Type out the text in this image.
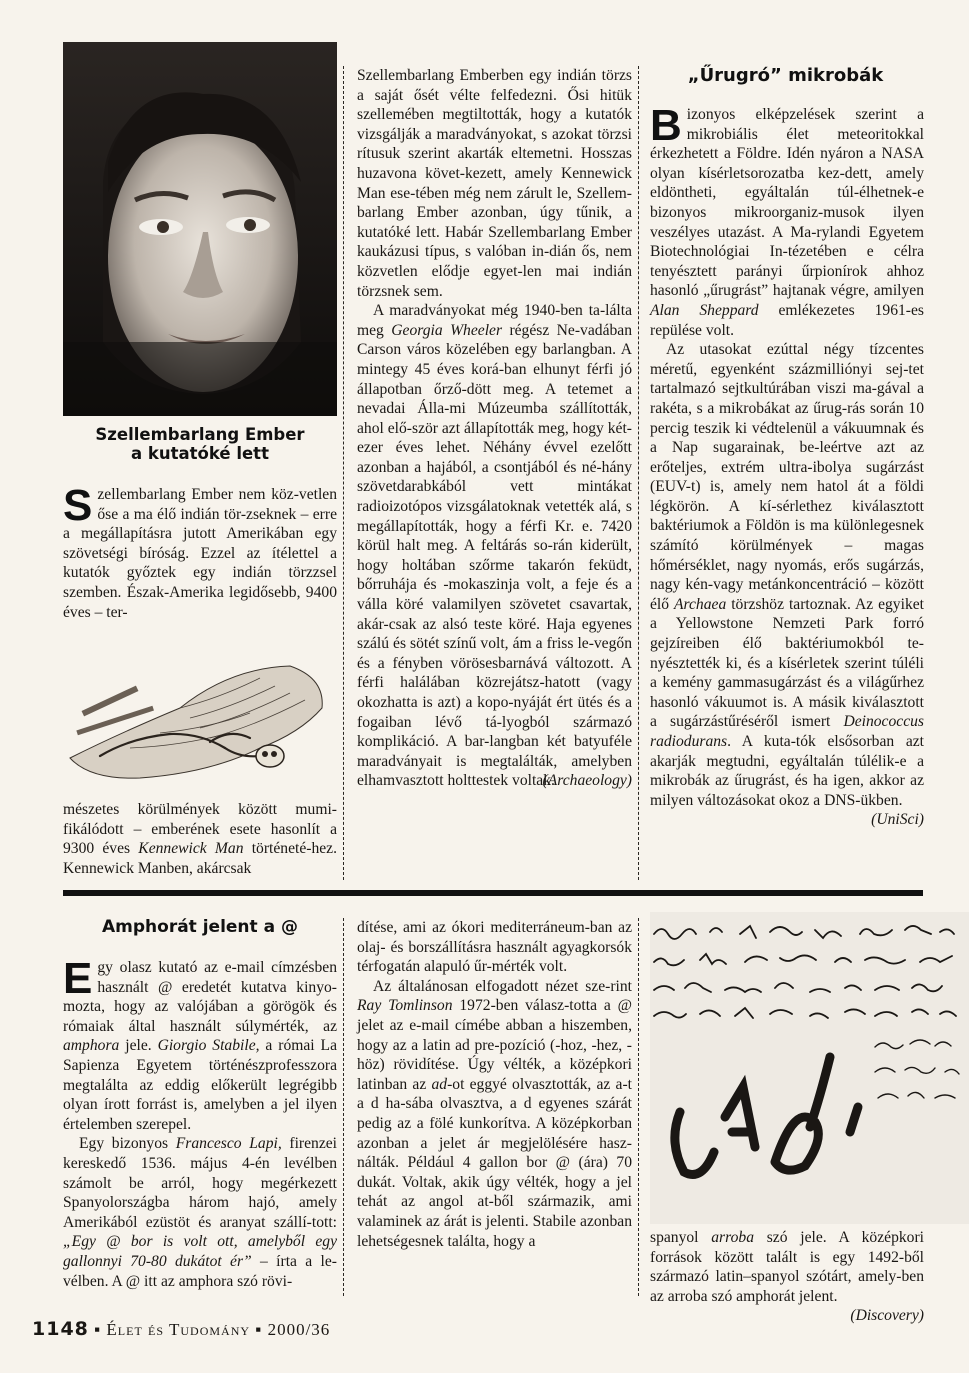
Szellembarlang Ember
a kutatóké lett

Szellembarlang Ember nem köz-vetlen őse a ma élő indián tör-zseknek – erre a megállapításra jutott Amerikában egy szövetségi bíróság. Ezzel az ítélettel a kutatók győztek egy indián törzzsel szemben. Észak-Amerika legidősebb, 9400 éves – ter-

mészetes körülmények között mumi-fikálódott – emberének esete hasonlít a 9300 éves Kennewick Man történeté-hez. Kennewick Manben, akárcsak

Szellembarlang Emberben egy indián törzs a saját ősét vélte felfedezni. Ősi hitük szellemében megtiltották, hogy a kutatók vizsgálják a maradványokat, s azokat törzsi rítusuk szerint akarták eltemetni. Hosszas huzavona követ-kezett, amely Kennewick Man ese-tében még nem zárult le, Szellem-barlang Ember azonban, úgy tűnik, a kutatóké lett. Habár Szellembarlang Ember kaukázusi típus, s valóban in-dián ős, nem közvetlen elődje egyet-len mai indián törzsnek sem.

A maradványokat még 1940-ben ta-lálta meg Georgia Wheeler régész Ne-vadában Carson város közelében egy barlangban. A mintegy 45 éves korá-ban elhunyt férfi jó állapotban őrző-dött meg. A tetemet a nevadai Álla-mi Múzeumba szállították, ahol elő-ször azt állapították meg, hogy két-ezer éves lehet. Néhány évvel ezelőtt azonban a hajából, a csontjából és né-hány szövetdarabkából vett mintákat radioizotópos vizsgálatoknak vetették alá, s megállapították, hogy a férfi Kr. e. 7420 körül halt meg. A feltárás so-rán kiderült, hogy holtában szőrme takarón feküdt, bőrruhája és -mokaszinja volt, a feje és a válla köré valamilyen szövetet csavartak, akár-csak az alsó teste köré. Haja egyenes szálú és sötét színű volt, ám a friss le-vegőn és a fényben vörösesbarnává változott. A férfi halálában közrejátsz-hatott (vagy okozhatta is azt) a kopo-nyáját ért ütés és a fogaiban lévő tá-lyogból származó komplikáció. A bar-langban két batyuféle maradványait is megtalálták, amelyben elhamvasztott holttestek voltak.

(Archaeology)
„Űrugró” mikrobák

Bizonyos elképzelések szerint a mikrobiális élet meteoritokkal érkezhetett a Földre. Idén nyáron a NASA olyan kísérletsorozatba kez-dett, amely eldöntheti, egyáltalán túl-élhetnek-e bizonyos mikroorganiz-musok ilyen veszélyes utazást. A Ma-rylandi Egyetem Biotechnológiai In-tézetében e célra tenyésztett parányi űrpionírok ahhoz hasonló „űrugrást” hajtanak végre, amilyen Alan Sheppard emlékezetes 1961-es repülése volt.

Az utasokat ezúttal négy tízcentes méretű, egyenként százmilliónyi sej-tet tartalmazó sejtkultúrában viszi ma-gával a rakéta, s a mikrobákat az űrug-rás során 10 percig teszik ki védtelenül a vákuumnak és a Nap sugarainak, be-leértve azt az erőteljes, extrém ultra-ibolya sugárzást (EUV-t) is, amely nem hatol át a földi légkörön. A kí-sérlethez kiválasztott baktériumok a Földön is ma különlegesnek számító körülmények – magas hőmérséklet, nagy nyomás, erős sugárzás, nagy kén-vagy metánkoncentráció – között élő Archaea törzshöz tartoznak. Az egyiket a Yellowstone Nemzeti Park forró gejzíreiben élő baktériumokból te-nyésztették ki, és a kísérletek szerint túléli a kemény gammasugárzást és a világűrhez hasonló vákuumot is. A másik kiválasztott a sugárzástűréséről ismert Deinococcus radiodurans. A kuta-tók elsősorban azt akarják megtudni, egyáltalán túlélik-e a mikrobák az űrugrást, és ha igen, akkor az milyen változásokat okoz a DNS-ükben.

(UniSci)
Amphorát jelent a @

Egy olasz kutató az e-mail címzésben használt @ eredetét kutatva kinyo-mozta, hogy az valójában a görögök és rómaiak által használt súlymérték, az amphora jele. Giorgio Stabile, a római La Sapienza Egyetem történészprofesszora megtalálta az eddig előkerült legrégibb olyan írott forrást is, amelyben a jel ilyen értelemben szerepel.

Egy bizonyos Francesco Lapi, firenzei kereskedő 1536. május 4-én levélben számolt be arról, hogy megérkezett Spanyolországba három hajó, amely Amerikából ezüstöt és aranyat szállí-tott: „Egy @ bor is volt ott, amelyből egy gallonnyi 70-80 dukátot ér” – írta a le-vélben. A @ itt az amphora szó rövi-

dítése, ami az ókori mediterráneum-ban az olaj- és borszállításra használt agyagkorsók térfogatán alapuló űr-mérték volt.

Az általánosan elfogadott nézet sze-rint Ray Tomlinson 1972-ben válasz-totta a @ jelet az e-mail címébe abban a hiszemben, hogy az a latin ad pre-pozíció (-hoz, -hez, -höz) rövidítése. Úgy vélték, a középkori latinban az ad-ot eggyé olvasztották, az a-t a d ha-sába olvasztva, a d egyenes szárát pedig az a fölé kunkorítva. A középkorban azonban a jelet ár megjelölésére hasz-nálták. Például 4 gallon bor @ (ára) 70 dukát. Voltak, akik úgy vélték, hogy a jel tehát az angol at-ből származik, ami valaminek az árát is jelenti. Stabile azonban lehetségesnek találta, hogy a	spanyol arroba szó jele. A középkori források között talált is egy 1492-ből származó latin–spanyol szótárt, amely-ben az arroba szó amphorát jelent.

(Discovery)
1148 ▪ Élet és Tudomány ▪ 2000/36
